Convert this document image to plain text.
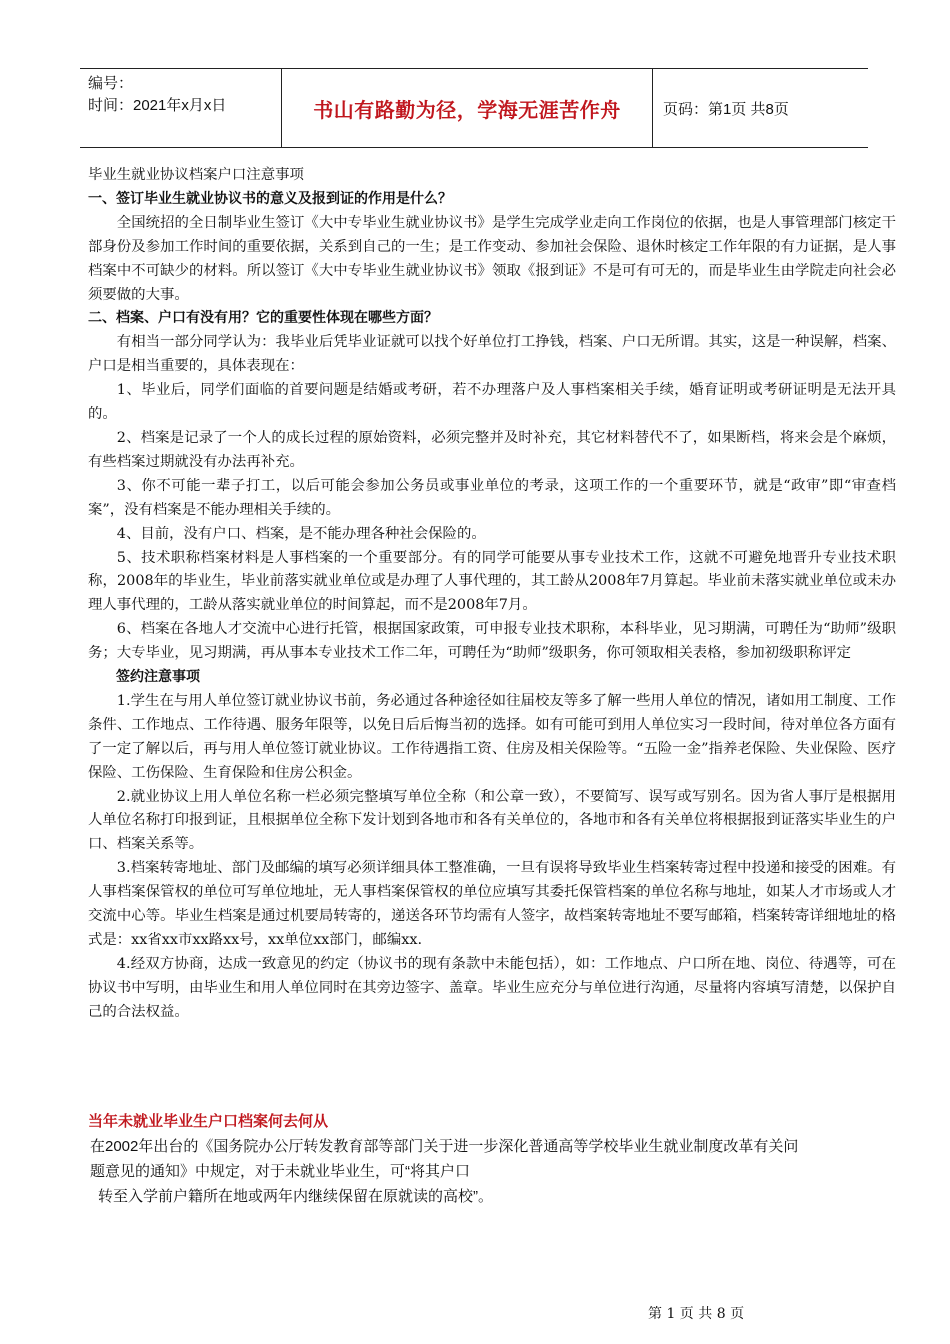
编号：
时间：2021年x月x日	书山有路勤为径，学海无涯苦作舟	页码：第1页 共8页

毕业生就业协议档案户口注意事项

一、签订毕业生就业协议书的意义及报到证的作用是什么？

全国统招的全日制毕业生签订《大中专毕业生就业协议书》是学生完成学业走向工作岗位的依据，也是人事管理部门核定干部身份及参加工作时间的重要依据，关系到自己的一生；是工作变动、参加社会保险、退休时核定工作年限的有力证据，是人事档案中不可缺少的材料。所以签订《大中专毕业生就业协议书》领取《报到证》不是可有可无的，而是毕业生由学院走向社会必须要做的大事。

二、档案、户口有没有用？它的重要性体现在哪些方面？

有相当一部分同学认为：我毕业后凭毕业证就可以找个好单位打工挣钱，档案、户口无所谓。其实，这是一种误解，档案、户口是相当重要的，具体表现在：

1、毕业后，同学们面临的首要问题是结婚或考研，若不办理落户及人事档案相关手续，婚育证明或考研证明是无法开具的。

2、档案是记录了一个人的成长过程的原始资料，必须完整并及时补充，其它材料替代不了，如果断档，将来会是个麻烦，有些档案过期就没有办法再补充。

3、你不可能一辈子打工，以后可能会参加公务员或事业单位的考录，这项工作的一个重要环节，就是“政审”即“审查档案”，没有档案是不能办理相关手续的。

4、目前，没有户口、档案，是不能办理各种社会保险的。

5、技术职称档案材料是人事档案的一个重要部分。有的同学可能要从事专业技术工作，这就不可避免地晋升专业技术职称，2008年的毕业生，毕业前落实就业单位或是办理了人事代理的，其工龄从2008年7月算起。毕业前未落实就业单位或未办理人事代理的，工龄从落实就业单位的时间算起，而不是2008年7月。

6、档案在各地人才交流中心进行托管，根据国家政策，可申报专业技术职称，本科毕业，见习期满，可聘任为“助师”级职务；大专毕业，见习期满，再从事本专业技术工作二年，可聘任为“助师”级职务，你可领取相关表格，参加初级职称评定

签约注意事项

1.学生在与用人单位签订就业协议书前，务必通过各种途径如往届校友等多了解一些用人单位的情况，诸如用工制度、工作条件、工作地点、工作待遇、服务年限等，以免日后后悔当初的选择。如有可能可到用人单位实习一段时间，待对单位各方面有了一定了解以后，再与用人单位签订就业协议。工作待遇指工资、住房及相关保险等。“五险一金”指养老保险、失业保险、医疗保险、工伤保险、生育保险和住房公积金。

2.就业协议上用人单位名称一栏必须完整填写单位全称（和公章一致），不要简写、误写或写别名。因为省人事厅是根据用人单位名称打印报到证，且根据单位全称下发计划到各地市和各有关单位的，各地市和各有关单位将根据报到证落实毕业生的户口、档案关系等。

3.档案转寄地址、部门及邮编的填写必须详细具体工整准确，一旦有误将导致毕业生档案转寄过程中投递和接受的困难。有人事档案保管权的单位可写单位地址，无人事档案保管权的单位应填写其委托保管档案的单位名称与地址，如某人才市场或人才交流中心等。毕业生档案是通过机要局转寄的，递送各环节均需有人签字，故档案转寄地址不要写邮箱，档案转寄详细地址的格式是：xx省xx市xx路xx号，xx单位xx部门，邮编xx.

4.经双方协商，达成一致意见的约定（协议书的现有条款中未能包括），如：工作地点、户口所在地、岗位、待遇等，可在协议书中写明，由毕业生和用人单位同时在其旁边签字、盖章。毕业生应充分与单位进行沟通，尽量将内容填写清楚，以保护自己的合法权益。

当年未就业毕业生户口档案何去何从

在2002年出台的《国务院办公厅转发教育部等部门关于进一步深化普通高等学校毕业生就业制度改革有关问

题意见的通知》中规定，对于未就业毕业生，可“将其户口

转至入学前户籍所在地或两年内继续保留在原就读的高校”。

第 1 页 共 8 页
